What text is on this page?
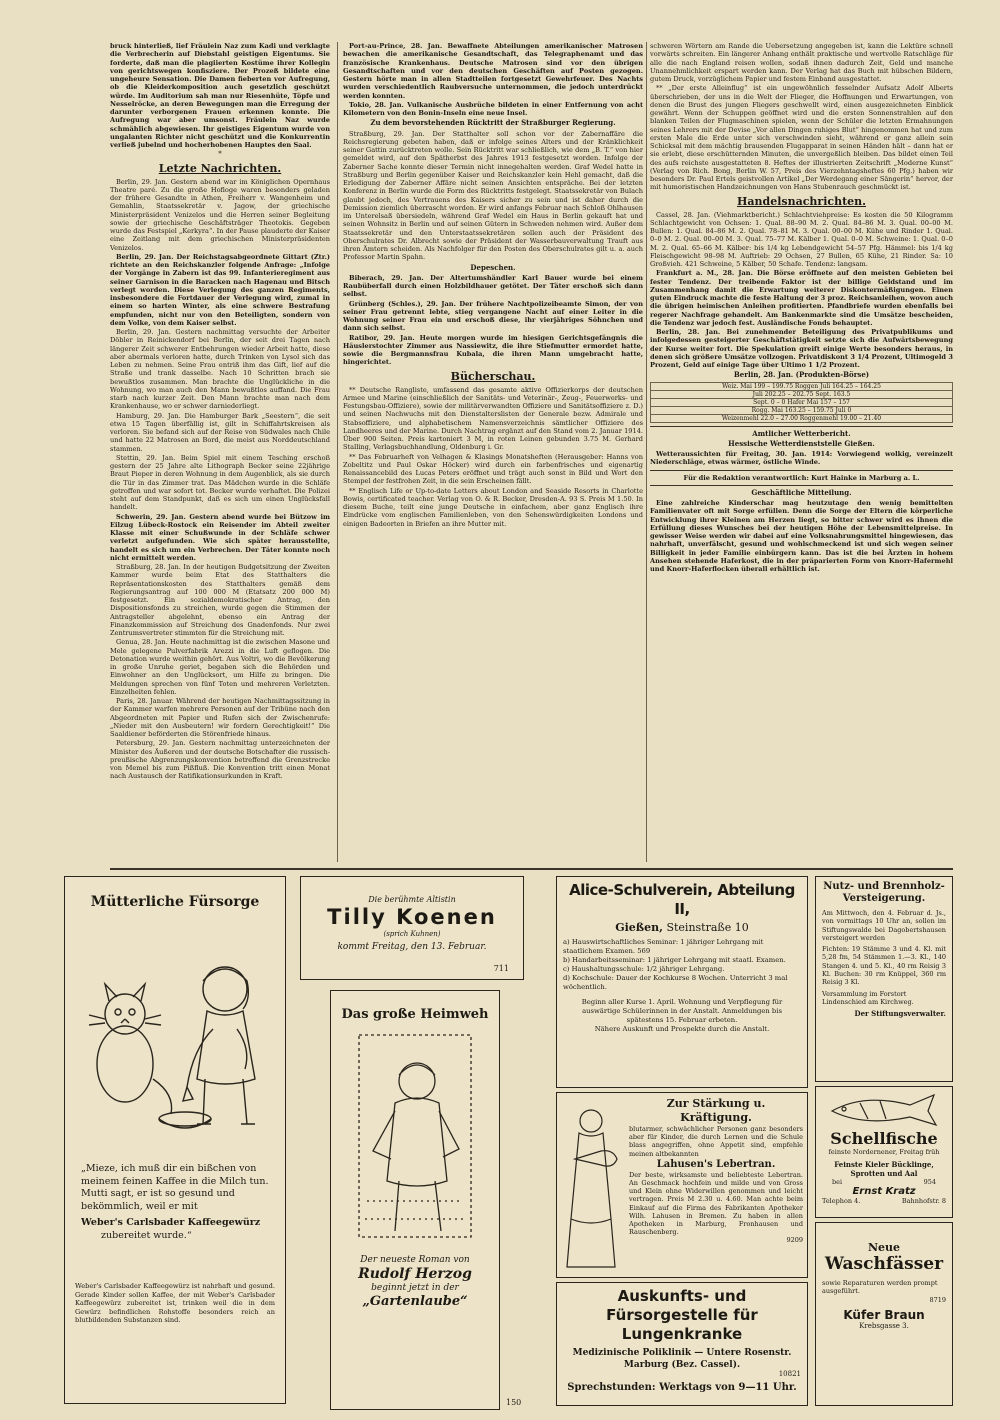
bruck hinterließ, lief Fräulein Naz zum Kadi und verklagte die Verbrecherin auf Diebstahl geistigen Eigentums. Sie forderte, daß man die plagiierten Kostüme ihrer Kollegin von gerichtswegen konfisziere. Der Prozeß bildete eine ungeheure Sensation. Die Damen fieberten vor Aufregung, ob die Kleiderkomposition auch gesetzlich geschützt würde. Im Auditorium sah man nur Riesenhüte, Töpfe und Nesselröcke, an deren Bewegungen man die Erregung der darunter verborgenen Frauen erkennen konnte. Die Aufregung war aber umsonst. Fräulein Naz wurde schmählich abgewiesen. Ihr geistiges Eigentum wurde von ungalanten Richter nicht geschützt und die Konkurrentin verließ jubelnd und hocherhobenen Hauptes den Saal.

*
Letzte Nachrichten.

Berlin, 29. Jan. Gestern abend war im Königlichen Opernhaus Theatre paré. Zu die große Hofloge waren besonders geladen der frühere Gesandte in Athen, Freiherr v. Wangenheim und Gemahlin, Staatssekretär v. Jagow, der griechische Ministerpräsident Venizelos und die Herren seiner Begleitung sowie der griechische Geschäftsträger Theotokis. Gegeben wurde das Festspiel „Kerkyra“. In der Pause plauderte der Kaiser eine Zeitlang mit dem griechischen Ministerpräsidenten Venizelos.

Berlin, 29. Jan. Der Reichstagsabgeordnete Gittart (Ztr.) richtete an den Reichskanzler folgende Anfrage: „Infolge der Vorgänge in Zabern ist das 99. Infanterieregiment aus seiner Garnison in die Baracken nach Hagenau und Bitsch verlegt worden. Diese Verlegung des ganzen Regiments, insbesondere die Fortdauer der Verlegung wird, zumal in einem so harten Winter, als eine schwere Bestrafung empfunden, nicht nur von den Beteiligten, sondern von dem Volke, von dem Kaiser selbst.

Berlin, 29. Jan. Gestern nachmittag versuchte der Arbeiter Döbler in Reinickendorf bei Berlin, der seit drei Tagen nach längerer Zeit schwerer Entbehrungen wieder Arbeit hatte, diese aber abermals verloren hatte, durch Trinken von Lysol sich das Leben zu nehmen. Seine Frau entriß ihm das Gift, lief auf die Straße und trank dasselbe. Nach 10 Schritten brach sie bewußtlos zusammen. Man brachte die Unglückliche in die Wohnung, wo man auch den Mann bewußtlos auffand. Die Frau starb nach kurzer Zeit. Den Mann brachte man nach dem Krankenhause, wo er schwer darniederliegt.

Hamburg, 29. Jan. Die Hamburger Bark „Seestern“, die seit etwa 15 Tagen überfällig ist, gilt in Schiffahrtskreisen als verloren. Sie befand sich auf der Reise von Südwales nach Chile und hatte 22 Matrosen an Bord, die meist aus Norddeutschland stammen.

Stettin, 29. Jan. Beim Spiel mit einem Tesching erschoß gestern der 25 Jahre alte Lithograph Becker seine 22jährige Braut Pieper in deren Wohnung in dem Augenblick, als sie durch die Tür in das Zimmer trat. Das Mädchen wurde in die Schläfe getroffen und war sofort tot. Becker wurde verhaftet. Die Polizei steht auf dem Standpunkt, daß es sich um einen Unglücksfall handelt.

Schwerin, 29. Jan. Gestern abend wurde bei Bützow im Eilzug Lübeck-Rostock ein Reisender im Abteil zweiter Klasse mit einer Schußwunde in der Schläfe schwer verletzt aufgefunden. Wie sich später herausstellte, handelt es sich um ein Verbrechen. Der Täter konnte noch nicht ermittelt werden.

Straßburg, 28. Jan. In der heutigen Budgetsitzung der Zweiten Kammer wurde beim Etat des Statthalters die Repräsentationskosten des Statthalters gemäß dem Regierungsantrag auf 100 000 M (Etatsatz 200 000 M) festgesetzt. Ein sozialdemokratischer Antrag, den Dispositionsfonds zu streichen, wurde gegen die Stimmen der Antragsteller abgelehnt, ebenso ein Antrag der Finanzkommission auf Streichung des Gnadenfonds. Nur zwei Zentrumsvertreter stimmten für die Streichung mit.

Genua, 28. Jan. Heute nachmittag ist die zwischen Masone und Mele gelegene Pulverfabrik Arezzi in die Luft geflogen. Die Detonation wurde weithin gehört. Aus Voltri, wo die Bevölkerung in große Unruhe geriet, begaben sich die Behörden und Einwohner an den Unglücksort, um Hilfe zu bringen. Die Meldungen sprechen von fünf Toten und mehreren Verletzten. Einzelheiten fehlen.

Paris, 28. Januar. Während der heutigen Nachmittagssitzung in der Kammer warfen mehrere Personen auf der Tribüne nach den Abgeordneten mit Papier und Rufen sich der Zwischenrufe: „Nieder mit den Ausbeutern! wir fordern Gerechtigkeit!“ Die Saaldiener beförderten die Störenfriede hinaus.

Petersburg, 29. Jan. Gestern nachmittag unterzeichneten der Minister des Äußeren und der deutsche Botschafter die russisch-preußische Abgrenzungskonvention betreffend die Grenzstrecke von Memel bis zum Pißfluß. Die Konvention tritt einen Monat nach Austausch der Ratifikationsurkunden in Kraft.

Port-au-Prince, 28. Jan. Bewaffnete Abteilungen amerikanischer Matrosen bewachen die amerikanische Gesandtschaft, das Telegraphenamt und das französische Krankenhaus. Deutsche Matrosen sind vor den übrigen Gesandtschaften und vor den deutschen Geschäften auf Posten gezogen. Gestern hörte man in allen Stadtteilen fortgesetzt Gewehrfeuer. Des Nachts wurden verschiedentlich Raubversuche unternommen, die jedoch unterdrückt werden konnten.

Tokio, 28. Jan. Vulkanische Ausbrüche bildeten in einer Entfernung von acht Kilometern von den Bonin-Inseln eine neue Insel.

Zu dem bevorstehenden Rücktritt der Straßburger Regierung.

Straßburg, 29. Jan. Der Statthalter soll schon vor der Zabernaffäre die Reichsregierung gebeten haben, daß er infolge seines Alters und der Kränklichkeit seiner Gattin zurücktreten wolle. Sein Rücktritt war schließlich, wie dem „B. T.“ von hier gemeldet wird, auf den Spätherbst des Jahres 1913 festgesetzt worden. Infolge der Zaberner Sache konnte dieser Termin nicht innegehalten werden. Graf Wedel hatte in Straßburg und Berlin gegenüber Kaiser und Reichskanzler kein Hehl gemacht, daß die Erledigung der Zaberner Affäre nicht seinen Ansichten entspräche. Bei der letzten Konferenz in Berlin wurde die Form des Rücktritts festgelegt. Staatssekretär von Bulach glaubt jedoch, des Vertrauens des Kaisers sicher zu sein und ist daher durch die Demission ziemlich überrascht worden. Er wird anfangs Februar nach Schloß Ohlhausen im Unterelsaß übersiedeln, während Graf Wedel ein Haus in Berlin gekauft hat und seinen Wohnsitz in Berlin und auf seinen Gütern in Schweden nehmen wird. Außer dem Staatssekretär und den Unterstaatssekretären sollen auch der Präsident des Oberschulrates Dr. Albrecht sowie der Präsident der Wasserbauverwaltung Trauft aus ihren Ämtern scheiden. Als Nachfolger für den Posten des Oberschulrates gilt u. a. auch Professor Martin Spahn.

Depeschen.

Biberach, 29. Jan. Der Altertumshändler Karl Bauer wurde bei einem Raubüberfall durch einen Holzbildhauer getötet. Der Täter erschoß sich dann selbst.

Grünberg (Schles.), 29. Jan. Der frühere Nachtpolizeibeamte Simon, der von seiner Frau getrennt lebte, stieg vergangene Nacht auf einer Leiter in die Wohnung seiner Frau ein und erschoß diese, ihr vierjähriges Söhnchen und dann sich selbst.

Ratibor, 29. Jan. Heute morgen wurde im hiesigen Gerichtsgefängnis die Häuslerstochter Zimmer aus Nassiewitz, die ihre Stiefmutter ermordet hatte, sowie die Bergmannsfrau Kubala, die ihren Mann umgebracht hatte, hingerichtet.

Bücherschau.

** Deutsche Rangliste, umfassend das gesamte aktive Offizierkorps der deutschen Armee und Marine (einschließlich der Sanitäts- und Veterinär-, Zeug-, Feuerwerks- und Festungsbau-Offiziere), sowie der militärverwandten Offiziere und Sanitätsoffiziere z. D.) und seinen Nachwuchs mit den Dienstalterslisten der Generale bezw. Admirale und Stabsoffiziere, und alphabetischem Namensverzeichnis sämtlicher Offiziere des Landheeres und der Marine. Durch Nachtrag ergänzt auf den Stand vom 2. Januar 1914. Über 900 Seiten. Preis kartoniert 3 M, in roten Leinen gebunden 3.75 M. Gerhard Stalling, Verlagsbuchhandlung, Oldenburg i. Gr.

** Das Februarheft von Velhagen & Klasings Monatsheften (Herausgeber: Hanns von Zobeltitz und Paul Oskar Höcker) wird durch ein farbenfrisches und eigenartig Renaissancebild des Lucas Peters eröffnet und trägt auch sonst in Bild und Wort den Stempel der festfrohen Zeit, in die sein Erscheinen fällt.

** Englisch Life or Up-to-date Letters about London and Seaside Resorts in Charlotte Bowis, certificated teacher. Verlag von O. & R. Becker, Dresden-A. 93 S. Preis M 1.50. In diesem Buche, teilt eine junge Deutsche in einfachem, aber ganz Englisch ihre Eindrücke vom englischen Familienleben, von den Sehenswürdigkeiten Londons und einigen Badeorten in Briefen an ihre Mutter mit.

schweren Wörtern am Rande die Uebersetzung angegeben ist, kann die Lektüre schnell vorwärts schreiten. Ein längerer Anhang enthält praktische und wertvolle Ratschläge für alle die nach England reisen wollen, sodaß ihnen dadurch Zeit, Geld und manche Unannehmlichkeit erspart werden kann. Der Verlag hat das Buch mit hübschen Bildern, gutem Druck, vorzüglichem Papier und festem Einband ausgestattet.

** „Der erste Alleinflug“ ist ein ungewöhnlich fesselnder Aufsatz Adolf Alberts überschrieben, der uns in die Welt der Flieger, die Hoffnungen und Erwartungen, von denen die Brust des jungen Fliegers geschwellt wird, einen ausgezeichneten Einblick gewährt. Wenn der Schuppen geöffnet wird und die ersten Sonnenstrahlen auf den blanken Teilen der Flugmaschinen spielen, wenn der Schüler die letzten Ermahnungen seines Lehrers mit der Devise „Vor allen Dingen ruhiges Blut“ hingenommen hat und zum ersten Male die Erde unter sich verschwinden sieht, während er ganz allein sein Schicksal mit dem mächtig brausenden Flugapparat in seinen Händen hält – dann hat er sie erlebt, diese erschütternden Minuten, die unvergeßlich bleiben. Das bildet einen Teil des aufs reichste ausgestatteten 8. Heftes der illustrierten Zeitschrift „Moderne Kunst“ (Verlag von Rich. Bong, Berlin W. 57, Preis des Vierzehntagsheftes 60 Pfg.) haben wir besonders Dr. Paul Ertels geistvollen Artikel „Der Werdegang einer Sängerin“ hervor, der mit humoristischen Handzeichnungen von Hans Stubenrauch geschmückt ist.

Handelsnachrichten.

Cassel, 28. Jan. (Viehmarktbericht.) Schlachtviehpreise: Es kosten die 50 Kilogramm Schlachtgewicht von Ochsen: 1. Qual. 88–90 M. 2. Qual. 84–86 M. 3. Qual. 00–00 M. Bullen: 1. Qual. 84–86 M. 2. Qual. 78–81 M. 3. Qual. 00–00 M. Kühe und Rinder 1. Qual. 0–0 M. 2. Qual. 00–00 M. 3. Qual. 75–77 M. Kälber 1. Qual. 0–0 M. Schweine: 1. Qual. 0–0 M. 2. Qual. 65–66 M. Kälber: bis 1/4 kg Lebendgewicht 54–57 Pfg. Hämmel: bis 1/4 kg Fleischgewicht 98–98 M. Auftrieb: 29 Ochsen, 27 Bullen, 65 Kühe, 21 Rinder. Sa: 10 Großvieh. 421 Schweine, 5 Kälber, 50 Schafe. Tendenz: langsam.

Frankfurt a. M., 28. Jan. Die Börse eröffnete auf den meisten Gebieten bei fester Tendenz. Der treibende Faktor ist der billige Geldstand und im Zusammenhang damit die Erwartung weiterer Diskontermäßigungen. Einen guten Eindruck machte die feste Haltung der 3 proz. Reichsanleihen, wovon auch die übrigen heimischen Anleihen profitierten. Pfandbriefe wurden ebenfalls bei regerer Nachfrage gehandelt. Am Bankenmarkte sind die Umsätze bescheiden, die Tendenz war jedoch fest. Ausländische Fonds behauptet.

Berlin, 28. Jan. Bei zunehmender Beteiligung des Privatpublikums und infolgedessen gesteigerter Geschäftstätigkeit setzte sich die Aufwärtsbewegung der Kurse weiter fort. Die Spekulation greift einige Werte besonders heraus, in denen sich größere Umsätze vollzogen. Privatdiskont 3 1/4 Prozent, Ultimogeld 3 Prozent, Geld auf einige Tage über Ultimo 1 1/2 Prozent.

Berlin, 28. Jan. (Produkten-Börse)
Weiz. Mai 199 – 199.75 Roggen Juli 164.25 – 164.25
Juli 202.25 – 202.75 Sept. 163.5
Sept. 0 – 0 Hafer Mai 157 – 157
Rogg. Mai 163.25 – 159.75 Juli 0
Weizenmehl 22.0 – 27.00 Roggenmehl 19.00 – 21.40
Amtlicher Wetterbericht.
Hessische Wetterdienststelle Gießen.

Wetteraussichten für Freitag, 30. Jan. 1914: Vorwiegend wolkig, vereinzelt Niederschläge, etwas wärmer, östliche Winde.

Für die Redaktion verantwortlich: Kurt Hainke in Marburg a. L.

Geschäftliche Mitteilung.

Eine zahlreiche Kinderschar mag heutzutage den wenig bemittelten Familienvater oft mit Sorge erfüllen. Denn die Sorge der Eltern die körperliche Entwicklung ihrer Kleinen am Herzen liegt, so bitter schwer wird es ihnen die Erfüllung dieses Wunsches bei der heutigen Höhe der Lebensmittelpreise. In gewisser Weise werden wir dabei auf eine Volksnahrungsmittel hingewiesen, das nahrhaft, unverfälscht, gesund und wohlschmeckend ist und sich wegen seiner Billigkeit in jeder Familie einbürgern kann. Das ist die bei Ärzten in hohem Ansehen stehende Haferkost, die in der präparierten Form von Knorr-Hafermehl und Knorr-Haferflocken überall erhältlich ist.

Mütterliche Fürsorge
„Mieze, ich muß dir ein bißchen von meinem feinen Kaffee in die Milch tun. Mutti sagt, er ist so gesund und bekömmlich, weil er mit
Weber's Carlsbader Kaffeegewürz
zubereitet wurde.“
Weber's Carlsbader Kaffeegewürz ist nahrhaft und gesund. Gerade Kinder sollen Kaffee, der mit Weber's Carlsbader Kaffeegewürz zubereitet ist, trinken weil die in dem Gewürz befindlichen Rohstoffe besonders reich an blutbildenden Substanzen sind.
Die berühmte Altistin
Tilly Koenen
(sprich Kuhnen)
kommt Freitag, den 13. Februar.
711
Das große Heimweh
Der neueste Roman von
Rudolf Herzog
beginnt jetzt in der
„Gartenlaube“
150
Alice-Schulverein, Abteilung II,
Gießen, Steinstraße 10
a) Hauswirtschaftliches Seminar: 1 jähriger Lehrgang mit staatlichem Examen. 569
b) Handarbeitsseminar: 1 jähriger Lehrgang mit staatl. Examen.
c) Haushaltungsschule: 1/2 jähriger Lehrgang.
d) Kochschule: Dauer der Kochkurse 8 Wochen. Unterricht 3 mal wöchentlich.
Beginn aller Kurse 1. April. Wohnung und Verpflegung für auswärtige Schülerinnen in der Anstalt. Anmeldungen bis spätestens 15. Februar erbeten.
Nähere Auskunft und Prospekte durch die Anstalt.
Zur Stärkung u. Kräftigung.
blutarmer, schwächlicher Personen ganz besonders aber für Kinder, die durch Lernen und die Schule blass angegriffen, ohne Appetit sind, empfehle meinen altbekannten
Lahusen's Lebertran.
Der beste, wirksamste und beliebteste Lebertran. An Geschmack hochfein und milde und von Gross und Klein ohne Widerwillen genommen und leicht vertragen. Preis M 2.30 u. 4.60. Man achte beim Einkauf auf die Firma des Fabrikanten Apotheker Wilh. Lahusen in Bremen. Zu haben in allen Apotheken in Marburg, Fronhausen und Rauschenberg.
9209
Auskunfts- und Fürsorgestelle für Lungenkranke
Medizinische Poliklinik — Untere Rosenstr.
Marburg (Bez. Cassel).
10821
Sprechstunden: Werktags von 9—11 Uhr.
Nutz- und Brennholz-Versteigerung.
Am Mittwoch, den 4. Februar d. Js., von vormittags 10 Uhr an, sollen im Stiftungswalde bei Dagobertshausen versteigert werden
Fichten: 19 Stämme 3 und 4. Kl. mit 5,28 fm, 54 Stämmen 1.—3. Kl., 140 Stangen 4. und 5. Kl., 40 rm Reisig 3 Kl. Buchen: 30 rm Knüppel, 360 rm Reisig 3 Kl.
Versammlung im Forstort Lindenschied am Kirchweg.
Der Stiftungsverwalter.
Schellfische
feinste Nordernener, Freitag früh
Feinste Kieler Bücklinge, Sprotten und Aal
bei	954
Ernst Kratz
Telephon 4.	Bahnhofstr. 8
Neue
Waschfässer
sowie Reparaturen werden prompt ausgeführt.
8719
Küfer Braun
Krebsgasse 3.
